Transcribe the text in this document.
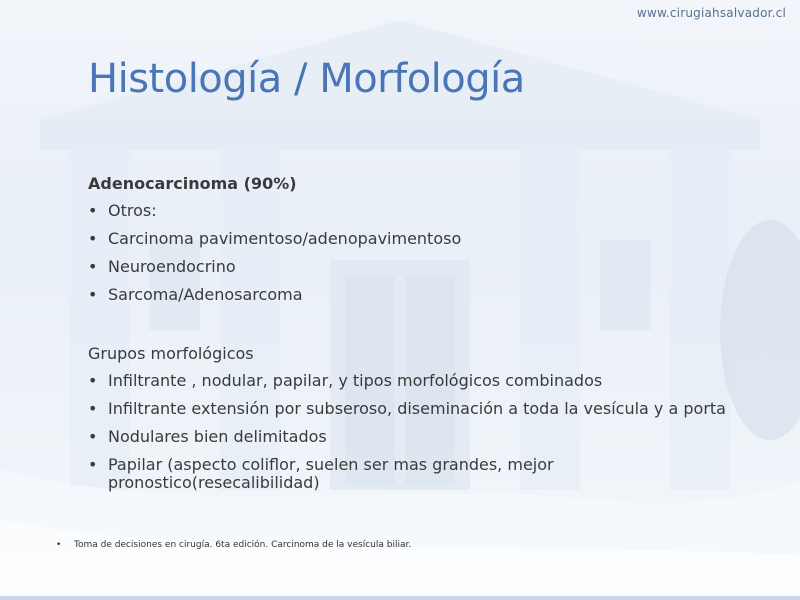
www.cirugiahsalvador.cl
Histología / Morfología
Adenocarcinoma (90%)
• Otros:
• Carcinoma pavimentoso/adenopavimentoso
• Neuroendocrino
• Sarcoma/Adenosarcoma
Grupos morfológicos
• Infiltrante , nodular, papilar, y tipos morfológicos combinados
• Infiltrante extensión por subseroso, diseminación a toda la vesícula y a porta
• Nodulares bien delimitados
• Papilar (aspecto coliflor, suelen ser mas grandes, mejor pronostico(resecalibilidad)
• Toma de decisiones en cirugía. 6ta edición. Carcinoma de la vesícula biliar.
